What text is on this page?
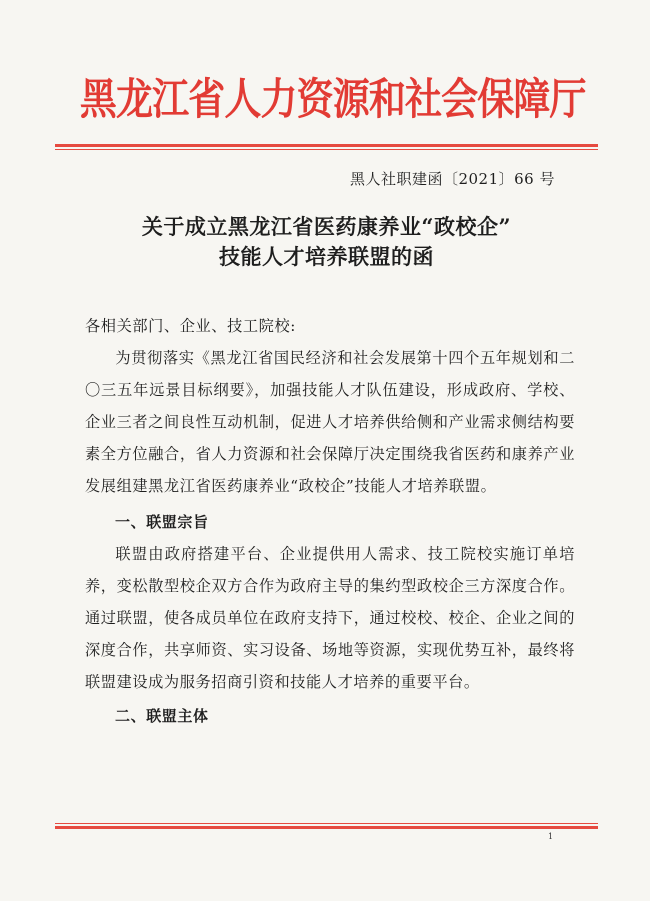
黑龙江省人力资源和社会保障厅
黑人社职建函〔2021〕66 号
关于成立黑龙江省医药康养业“政校企”
技能人才培养联盟的函

各相关部门、企业、技工院校:

为贯彻落实《黑龙江省国民经济和社会发展第十四个五年规划和二〇三五年远景目标纲要》，加强技能人才队伍建设，形成政府、学校、企业三者之间良性互动机制，促进人才培养供给侧和产业需求侧结构要素全方位融合，省人力资源和社会保障厅决定围绕我省医药和康养产业发展组建黑龙江省医药康养业“政校企”技能人才培养联盟。

一、联盟宗旨

联盟由政府搭建平台、企业提供用人需求、技工院校实施订单培养，变松散型校企双方合作为政府主导的集约型政校企三方深度合作。通过联盟，使各成员单位在政府支持下，通过校校、校企、企业之间的深度合作，共享师资、实习设备、场地等资源，实现优势互补，最终将联盟建设成为服务招商引资和技能人才培养的重要平台。

二、联盟主体

1
